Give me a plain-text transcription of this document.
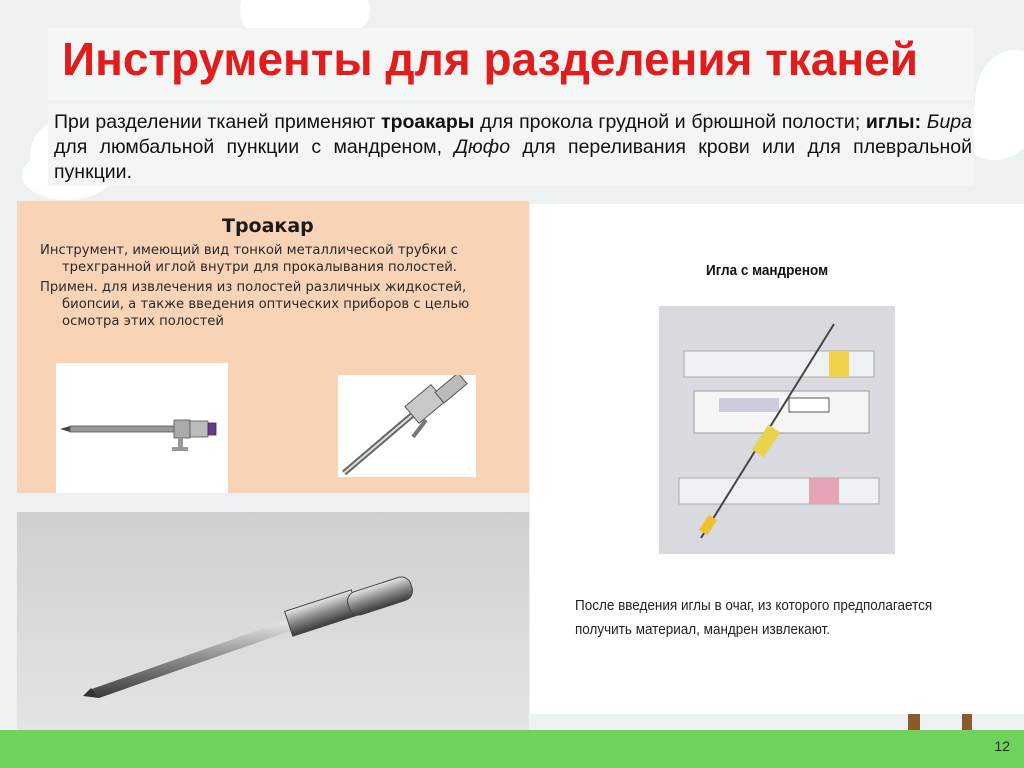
Инструменты для разделения тканей

При разделении тканей применяют троакары для прокола грудной и брюшной полости; иглы: Бира для люмбальной пункции с мандреном, Дюфо для переливания крови или для плевральной пункции.

Троакар
Инструмент, имеющий вид тонкой металлической трубки с трехгранной иглой внутри для прокалывания полостей.
Примен. для извлечения из полостей различных жидкостей, биопсии, а также введения оптических приборов с целью осмотра этих полостей
Игла с мандреном
После введения иглы в очаг, из которого предполагается получить материал, мандрен извлекают.
12
